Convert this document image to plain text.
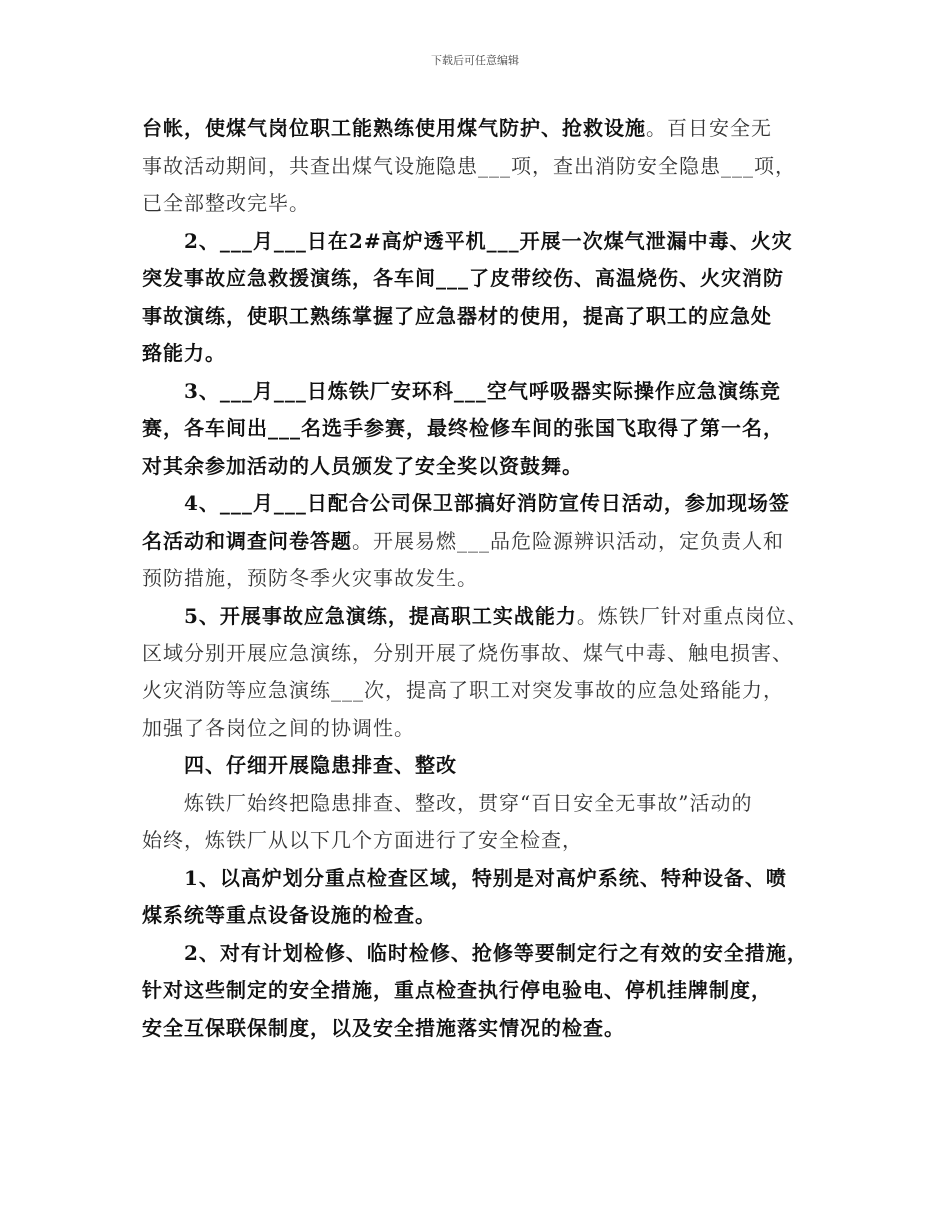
下载后可任意编辑
台帐，使煤气岗位职工能熟练使用煤气防护、抢救设施。百日安全无
事故活动期间，共查出煤气设施隐患___项，查出消防安全隐患___项，
已全部整改完毕。
2、___月___日在2#高炉透平机___开展一次煤气泄漏中毒、火灾
突发事故应急救援演练，各车间___了皮带绞伤、高温烧伤、火灾消防
事故演练，使职工熟练掌握了应急器材的使用，提高了职工的应急处
臵能力。
3、___月___日炼铁厂安环科___空气呼吸器实际操作应急演练竞
赛，各车间出___名选手参赛，最终检修车间的张国飞取得了第一名，
对其余参加活动的人员颁发了安全奖以资鼓舞。
4、___月___日配合公司保卫部搞好消防宣传日活动，参加现场签
名活动和调查问卷答题。开展易燃___品危险源辨识活动，定负责人和
预防措施，预防冬季火灾事故发生。
5、开展事故应急演练，提高职工实战能力。炼铁厂针对重点岗位、
区域分别开展应急演练，分别开展了烧伤事故、煤气中毒、触电损害、
火灾消防等应急演练___次，提高了职工对突发事故的应急处臵能力，
加强了各岗位之间的协调性。
四、仔细开展隐患排查、整改
炼铁厂始终把隐患排查、整改，贯穿“百日安全无事故”活动的
始终，炼铁厂从以下几个方面进行了安全检查，
1、以高炉划分重点检查区域，特别是对高炉系统、特种设备、喷
煤系统等重点设备设施的检查。
2、对有计划检修、临时检修、抢修等要制定行之有效的安全措施，
针对这些制定的安全措施，重点检查执行停电验电、停机挂牌制度，
安全互保联保制度，以及安全措施落实情况的检查。
